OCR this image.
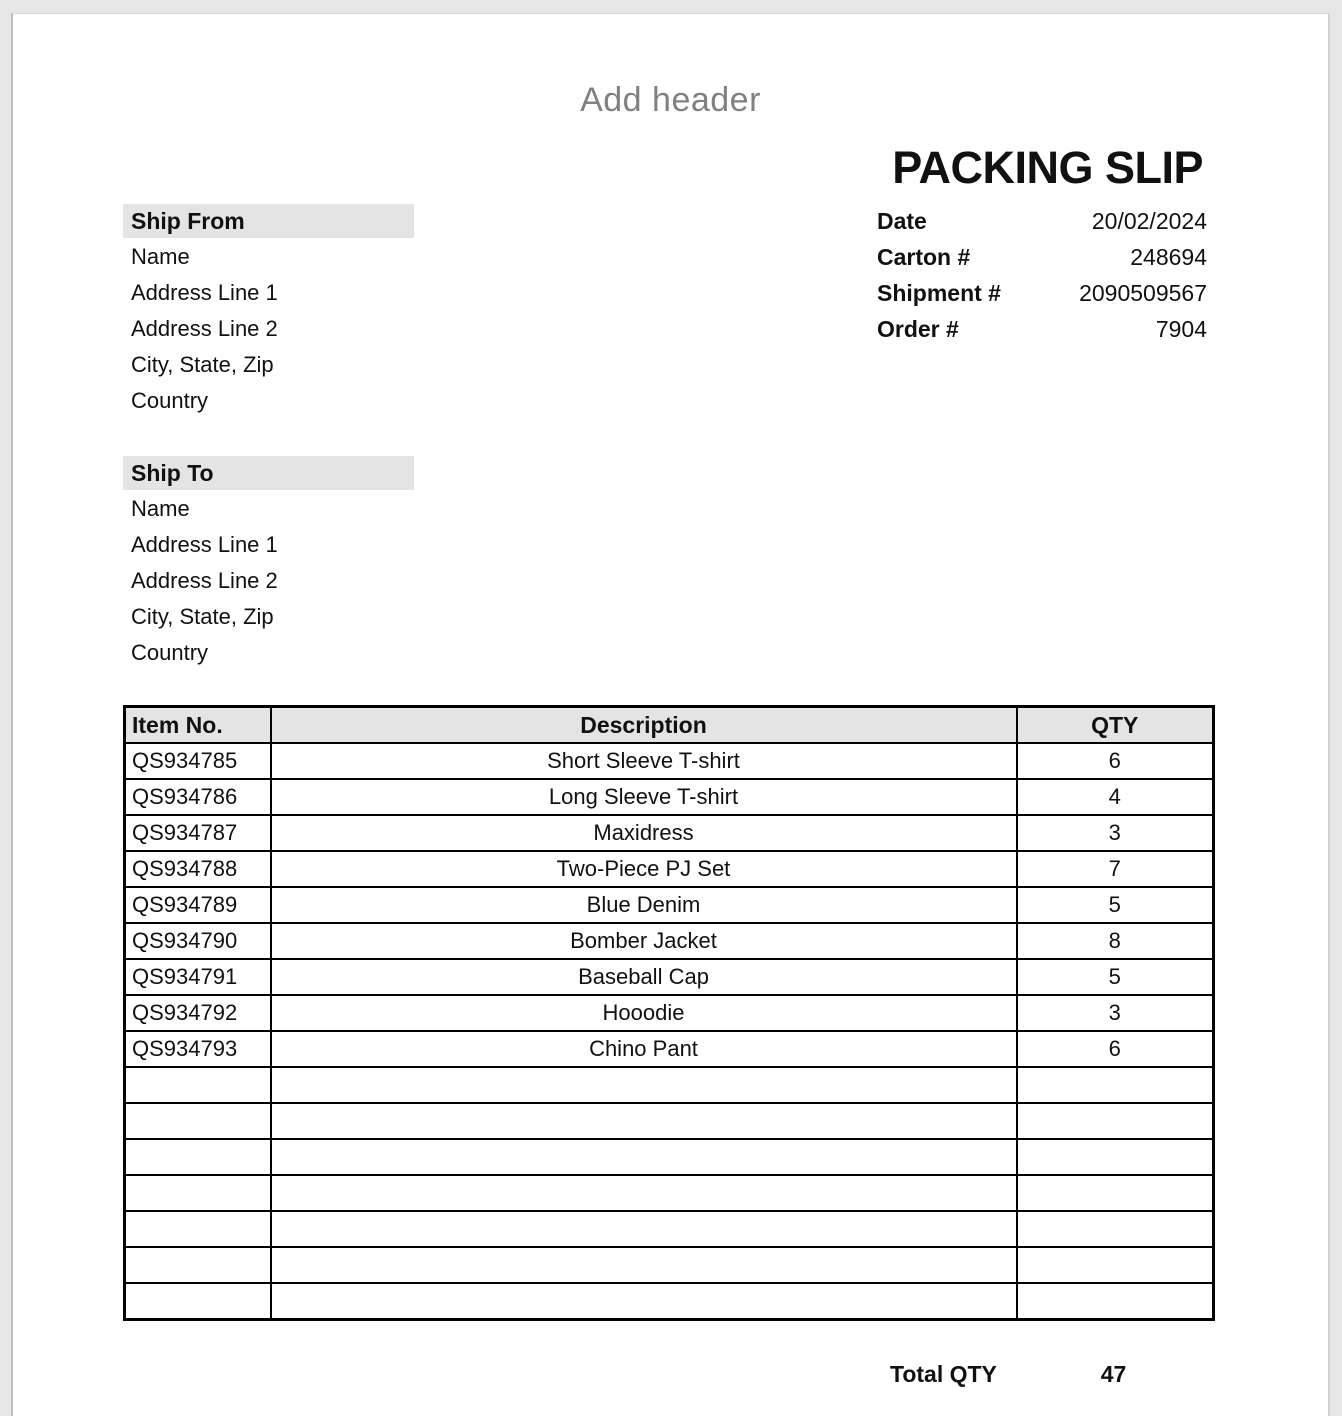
Add header
PACKING SLIP
Ship From
Name
Address Line 1
Address Line 2
City, State, Zip
Country
Ship To
Name
Address Line 1
Address Line 2
City, State, Zip
Country
Date	20/02/2024
Carton #	248694
Shipment #	2090509567
Order #	7904
Item No.	Description	QTY
QS934785	Short Sleeve T-shirt	6
QS934786	Long Sleeve T-shirt	4
QS934787	Maxidress	3
QS934788	Two-Piece PJ Set	7
QS934789	Blue Denim	5
QS934790	Bomber Jacket	8
QS934791	Baseball Cap	5
QS934792	Hooodie	3
QS934793	Chino Pant	6

Total QTY	47
